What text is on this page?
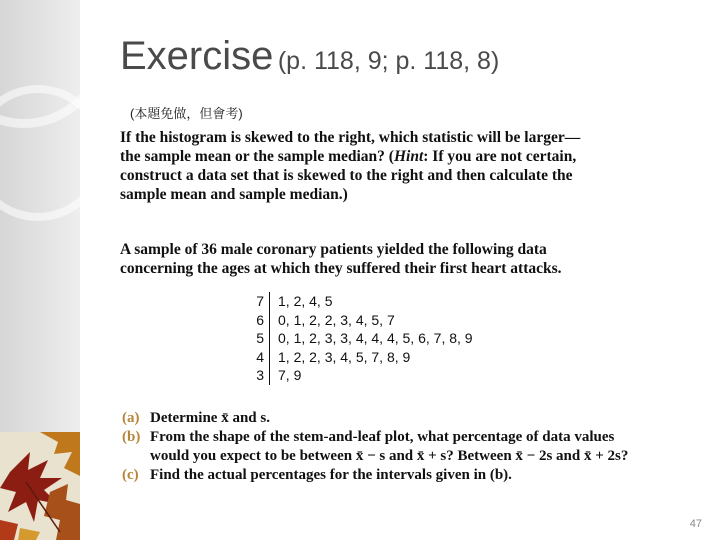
Exercise (p. 118, 9; p. 118, 8)
(本題免做，但會考)
If the histogram is skewed to the right, which statistic will be larger—
the sample mean or the sample median? (Hint: If you are not certain,
construct a data set that is skewed to the right and then calculate the
sample mean and sample median.)
A sample of 36 male coronary patients yielded the following data
concerning the ages at which they suffered their first heart attacks.
7	1, 2, 4, 5
6	0, 1, 2, 2, 3, 4, 5, 7
5	0, 1, 2, 3, 3, 4, 4, 4, 5, 6, 7, 8, 9
4	1, 2, 2, 3, 4, 5, 7, 8, 9
3	7, 9
(a) Determine x̄ and s.
(b) From the shape of the stem-and-leaf plot, what percentage of data values would you expect to be between x̄ − s and x̄ + s? Between x̄ − 2s and x̄ + 2s?
(c) Find the actual percentages for the intervals given in (b).
47
